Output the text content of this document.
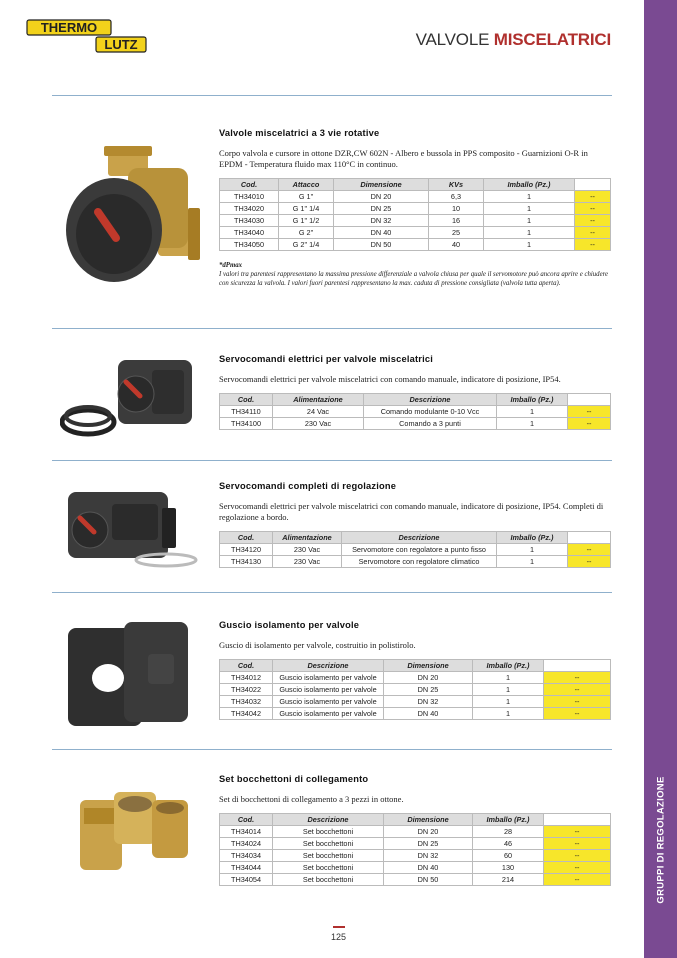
GRUPPI DI REGOLAZIONE
THERMO
LUTZ	VALVOLE MISCELATRICI

Valvole miscelatrici a 3 vie rotative

Corpo valvola e cursore in ottone DZR,CW 602N - Albero e bussola in PPS composito - Guarnizioni O-R in EPDM - Temperatura fluido max 110°C in continuo.

Cod.	Attacco	Dimensione	KVs	Imballo (Pz.)	
TH34010	G 1"	DN 20	6,3	1	--
TH34020	G 1" 1/4	DN 25	10	1	--
TH34030	G 1" 1/2	DN 32	16	1	--
TH34040	G 2"	DN 40	25	1	--
TH34050	G 2" 1/4	DN 50	40	1	--
*dPmax
I valori tra parentesi rappresentano la massima pressione differenziale a valvola chiusa per quale il servomotore può ancora aprire e chiudere con sicurezza la valvola. I valori fuori parentesi rappresentano la max. caduta di pressione consigliata (valvola tutta aperta).

Servocomandi elettrici per valvole miscelatrici

Servocomandi elettrici per valvole miscelatrici con comando manuale, indicatore di posizione, IP54.

Cod.	Alimentazione	Descrizione	Imballo (Pz.)	
TH34110	24 Vac	Comando modulante 0-10 Vcc	1	--
TH34100	230 Vac	Comando a 3 punti	1	--

Servocomandi completi di regolazione

Servocomandi elettrici per valvole miscelatrici con comando manuale, indicatore di posizione, IP54. Completi di regolazione a bordo.

Cod.	Alimentazione	Descrizione	Imballo (Pz.)	
TH34120	230 Vac	Servomotore con regolatore a punto fisso	1	--
TH34130	230 Vac	Servomotore con regolatore climatico	1	--

Guscio isolamento per valvole

Guscio di isolamento per valvole, costruitio in polistirolo.

Cod.	Descrizione	Dimensione	Imballo (Pz.)	
TH34012	Guscio isolamento per valvole	DN 20	1	--
TH34022	Guscio isolamento per valvole	DN 25	1	--
TH34032	Guscio isolamento per valvole	DN 32	1	--
TH34042	Guscio isolamento per valvole	DN 40	1	--

Set bocchettoni di collegamento

Set di bocchettoni di collegamento a 3 pezzi in ottone.

Cod.	Descrizione	Dimensione	Imballo (Pz.)	
TH34014	Set bocchettoni	DN 20	28	--
TH34024	Set bocchettoni	DN 25	46	--
TH34034	Set bocchettoni	DN 32	60	--
TH34044	Set bocchettoni	DN 40	130	--
TH34054	Set bocchettoni	DN 50	214	--
125
